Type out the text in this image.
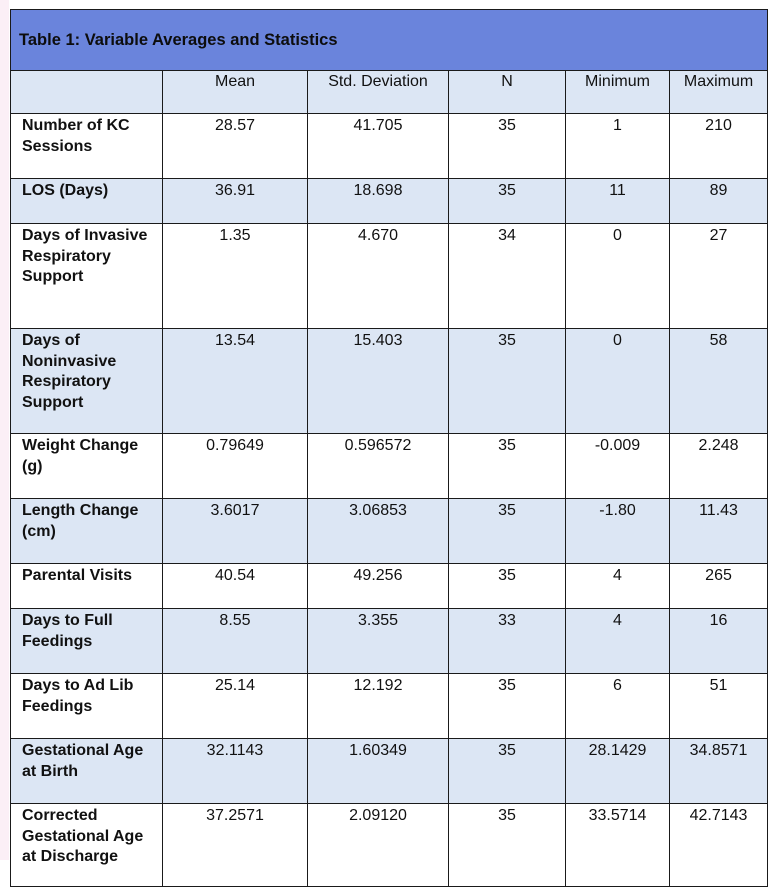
Table 1: Variable Averages and Statistics					
	Mean	Std. Deviation	N	Minimum	Maximum
Number of KC Sessions	28.57	41.705	35	1	210
LOS (Days)	36.91	18.698	35	11	89
Days of Invasive Respiratory Support	1.35	4.670	34	0	27
Days of Noninvasive Respiratory Support	13.54	15.403	35	0	58
Weight Change (g)	0.79649	0.596572	35	-0.009	2.248
Length Change (cm)	3.6017	3.06853	35	-1.80	11.43
Parental Visits	40.54	49.256	35	4	265
Days to Full Feedings	8.55	3.355	33	4	16
Days to Ad Lib Feedings	25.14	12.192	35	6	51
Gestational Age at Birth	32.1143	1.60349	35	28.1429	34.8571
Corrected Gestational Age at Discharge	37.2571	2.09120	35	33.5714	42.7143
